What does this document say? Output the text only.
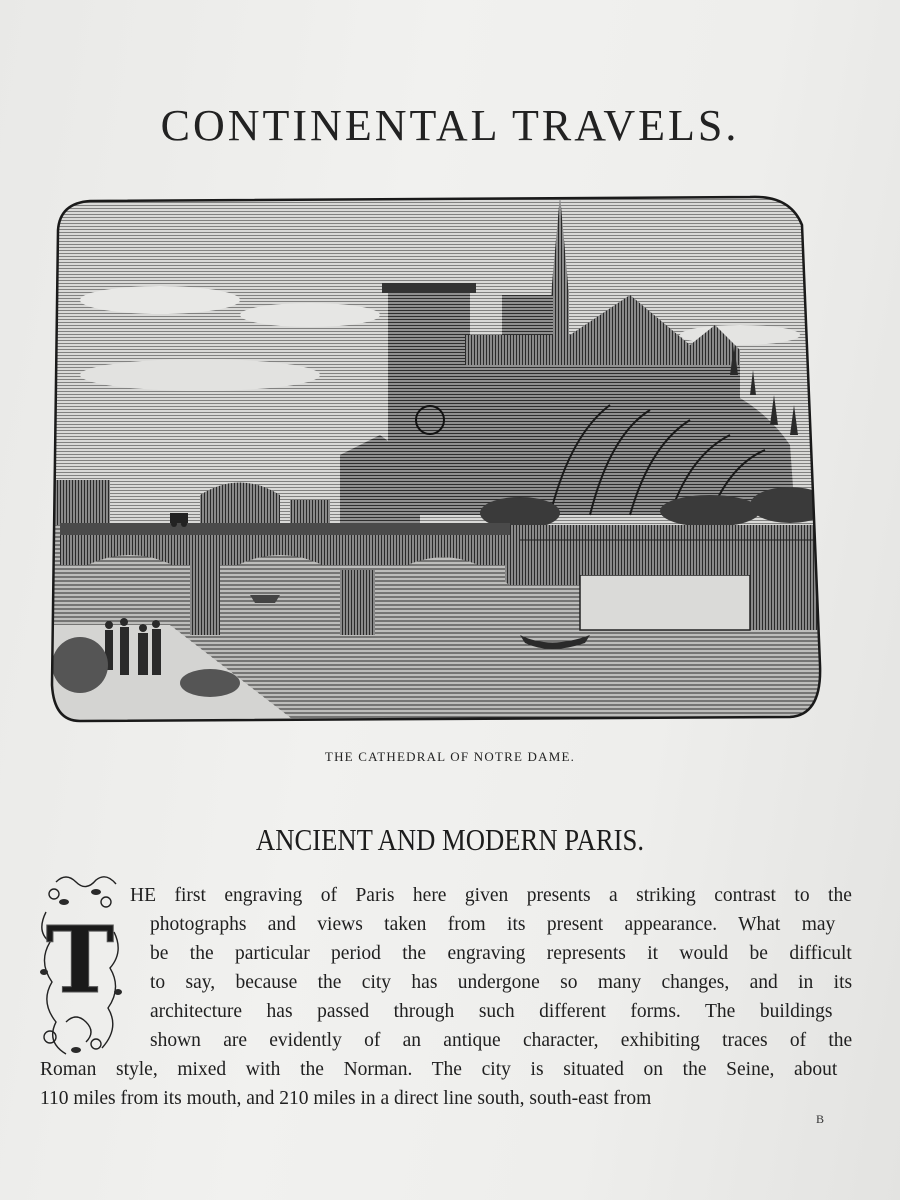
CONTINENTAL TRAVELS.
THE CATHEDRAL OF NOTRE DAME.
ANCIENT AND MODERN PARIS.
T
HE first engraving of Paris here given presents a striking contrast to the
photographs and views taken from its present appearance. What may
be the particular period the engraving represents it would be difficult
to say, because the city has undergone so many changes, and in its
architecture has passed through such different forms. The buildings
shown are evidently of an antique character, exhibiting traces of the
Roman style, mixed with the Norman. The city is situated on the Seine, about
110 miles from its mouth, and 210 miles in a direct line south, south-east from
B
